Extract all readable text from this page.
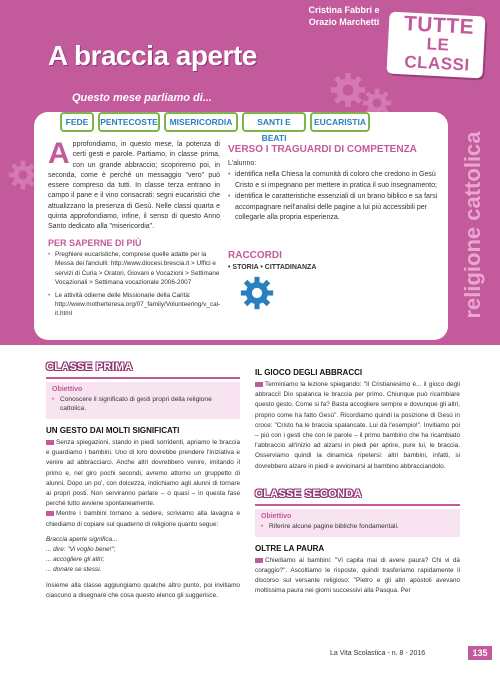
Cristina Fabbri e
Orazio Marchetti	TUTTE
LE CLASSI
A braccia aperte
religione cattolica
Questo mese parliamo di...
FEDE	PENTECOSTE	MISERICORDIA	SANTI E BEATI
EUCARISTIA
Approfondiamo, in questo mese, la potenza di certi gesti e parole. Partiamo, in classe prima, con un grande abbraccio; scopriremo poi, in seconda, come è perché un messaggio "vero" può essere compreso da tutti. In classe terza entrano in campo il pane e il vino consacrati: segni eucaristici che attualizzano la presenza di Gesù. Nelle classi quarta e quinta approfondiamo, infine, il senso di questo Anno Santo dedicato alla "misericordia".
PER SAPERNE DI PIÙ
• Preghiere eucaristiche, comprese quelle adatte per la Messa dei fanciulli: http://www.diocesi.brescia.it > Uffici e servizi di Curia > Oratori, Giovani e Vocazioni > Settimane Vocazionali > Settimana vocazionale 2006-2007
• Le attività odierne delle Missionarie della Carità: http://www.motherteresa.org/07_family/Volunteering/v_cal-it.html
VERSO I TRAGUARDI DI COMPETENZA
L'alunno:
• identifica nella Chiesa la comunità di coloro che credono in Gesù Cristo e si impegnano per mettere in pratica il suo insegnamento;
• identifica le caratteristiche essenziali di un brano biblico e sa farsi accompagnare nell'analisi delle pagine a lui più accessibili per collegarle alla propria esperienza.
RACCORDI
• STORIA • CITTADINANZA
CLASSE PRIMA
Obiettivo
• Conoscere il significato di gesti propri della religione cattolica.
UN GESTO DAI MOLTI SIGNIFICATI

Senza spiegazioni, stando in piedi sorridenti, apriamo le braccia e guardiamo i bambini. Uno di loro dovrebbe prendere l'iniziativa e venire ad abbracciarci. Anche altri dovrebbero venire, imitando il primo e, nel giro pochi secondi, avremo attorno un gruppetto di alunni. Dopo un po', con dolcezza, indichiamo agli alunni di tornare ai propri posti. Non serviranno parlare – o quasi – in questa fase perché tutto avviene spontaneamente.

Mentre i bambini tornano a sedere, scriviamo alla lavagna e chiediamo di copiare sul quaderno di religione quanto segue:

Braccia aperte significa...
... dire: "Vi voglio bene!";
... accogliere gli altri;
... donare se stessi.

Insieme alla classe aggiungiamo qualche altro punto, poi invitiamo ciascuno a disegnare che cosa questo elenco gli suggerisce.

IL GIOCO DEGLI ABBRACCI

Terminiamo la lezione spiegando: "Il Cristianesimo è... il gioco degli abbracci! Dio spalanca le braccia per primo. Chiunque può ricambiare questo gesto. Come si fa? Basta accogliere sempre e dovunque gli altri, proprio come ha fatto Gesù". Ricordiamo quindi la posizione di Gesù in croce: "Cristo ha le braccia spalancate. Lui dà l'esempio!". Invitiamo poi – più con i gesti che con le parole – il primo bambino che ha ricambiato l'abbraccio all'inizio ad alzarsi in piedi per aprire, pure lui, le braccia. Osserviamo quindi la dinamica ripetersi: altri bambini, infatti, si dovrebbero alzare in piedi e avvicinarsi al bambino abbracciandolo.

CLASSE SECONDA
Obiettivo
• Riferire alcune pagine bibliche fondamentali.
OLTRE LA PAURA

Chiediamo ai bambini: "Vi capita mai di avere paura? Chi vi dà coraggio?". Ascoltiamo le risposte, quindi trasferiamo rapidamente il discorso sul versante religioso: "Pietro e gli altri apostoli avevano moltissima paura nei giorni successivi alla Pasqua. Per

La Vita Scolastica - n. 8 - 2016	135
